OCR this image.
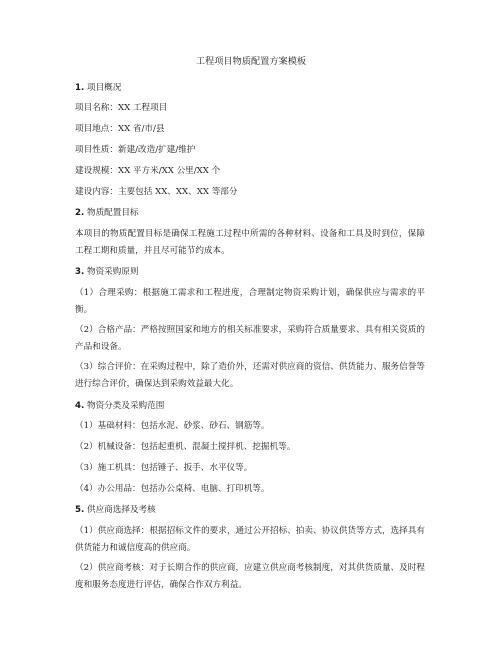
工程项目物质配置方案模板
1. 项目概况
项目名称：XX 工程项目
项目地点：XX 省/市/县
项目性质：新建/改造/扩建/维护
建设规模：XX 平方米/XX 公里/XX 个
建设内容：主要包括 XX、XX、XX 等部分
2. 物质配置目标
本项目的物质配置目标是确保工程施工过程中所需的各种材料、设备和工具及时到位，保障工程工期和质量，并且尽可能节约成本。
3. 物资采购原则
（1）合理采购：根据施工需求和工程进度，合理制定物资采购计划，确保供应与需求的平衡。
（2）合格产品：严格按照国家和地方的相关标准要求，采购符合质量要求、具有相关资质的产品和设备。
（3）综合评价：在采购过程中，除了造价外，还需对供应商的资信、供货能力、服务信誉等进行综合评价，确保达到采购效益最大化。
4. 物资分类及采购范围
（1）基础材料：包括水泥、砂浆、砂石、钢筋等。
（2）机械设备：包括起重机、混凝土搅拌机、挖掘机等。
（3）施工机具：包括锤子、扳手、水平仪等。
（4）办公用品：包括办公桌椅、电脑、打印机等。
5. 供应商选择及考核
（1）供应商选择：根据招标文件的要求，通过公开招标、拍卖、协议供货等方式，选择具有供货能力和诚信度高的供应商。
（2）供应商考核：对于长期合作的供应商，应建立供应商考核制度，对其供货质量、及时程度和服务态度进行评估，确保合作双方利益。
